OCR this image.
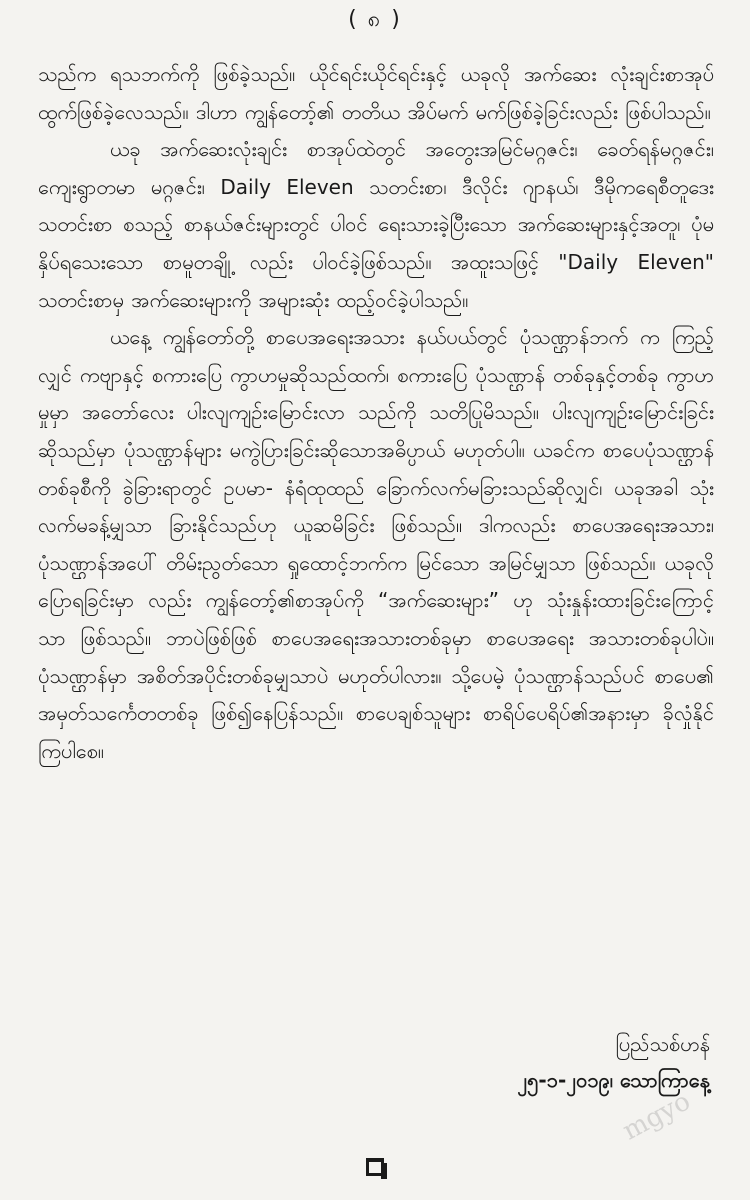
( ၈ )

သည်က ရသဘက်ကို ဖြစ်ခဲ့သည်။ ယိုင်ရင်းယိုင်ရင်းနှင့် ယခုလို အက်ဆေး လုံးချင်းစာအုပ် ထွက်ဖြစ်ခဲ့လေသည်။ ဒါဟာ ကျွန်တော့်၏ တတိယ အိပ်မက် မက်ဖြစ်ခဲ့ခြင်းလည်း ဖြစ်ပါသည်။

ယခု အက်ဆေးလုံးချင်း စာအုပ်ထဲတွင် အတွေးအမြင်မဂ္ဂဇင်း၊ ခေတ်ရန်မဂ္ဂဇင်း၊ ကျေးရွာတမာ မဂ္ဂဇင်း၊ Daily Eleven သတင်းစာ၊ ဒီလိုင်း ဂျာနယ်၊ ဒီမိုကရေစီတူဒေးသတင်းစာ စသည့် စာနယ်ဇင်းများတွင် ပါဝင် ရေးသားခဲ့ပြီးသော အက်ဆေးများနှင့်အတူ၊ ပုံမနှိပ်ရသေးသော စာမူတချို့ လည်း ပါဝင်ခဲ့ဖြစ်သည်။ အထူးသဖြင့် "Daily Eleven" သတင်းစာမှ အက်ဆေးများကို အများဆုံး ထည့်ဝင်ခဲ့ပါသည်။

ယနေ့ ကျွန်တော်တို့ စာပေအရေးအသား နယ်ပယ်တွင် ပုံသဏ္ဌာန်ဘက် က ကြည့်လျှင် ကဗျာနှင့် စကားပြေ ကွာဟမှုဆိုသည်ထက်၊ စကားပြေ ပုံသဏ္ဌာန် တစ်ခုနှင့်တစ်ခု ကွာဟမှုမှာ အတော်လေး ပါးလျကျဉ်းမြောင်းလာ သည်ကို သတိပြုမိသည်။ ပါးလျကျဉ်းမြောင်းခြင်းဆိုသည်မှာ ပုံသဏ္ဌာန်များ မကွဲပြားခြင်းဆိုသောအဓိပ္ပာယ် မဟုတ်ပါ။ ယခင်က စာပေပုံသဏ္ဌာန် တစ်ခုစီကို ခွဲခြားရာတွင် ဥပမာ- နံရံထုထည် ခြောက်လက်မခြားသည်ဆိုလျှင်၊ ယခုအခါ သုံးလက်မခန့်မျှသာ ခြားနိုင်သည်ဟု ယူဆမိခြင်း ဖြစ်သည်။ ဒါကလည်း စာပေအရေးအသား၊ ပုံသဏ္ဌာန်အပေါ် တိမ်းညွတ်သော ရှုထောင့်ဘက်က မြင်သော အမြင်မျှသာ ဖြစ်သည်။ ယခုလို ပြောရခြင်းမှာ လည်း ကျွန်တော့်၏စာအုပ်ကို “အက်ဆေးများ” ဟု သုံးနှုန်းထားခြင်းကြောင့် သာ ဖြစ်သည်။ ဘာပဲဖြစ်ဖြစ် စာပေအရေးအသားတစ်ခုမှာ စာပေအရေး အသားတစ်ခုပါပဲ။ ပုံသဏ္ဌာန်မှာ အစိတ်အပိုင်းတစ်ခုမျှသာပဲ မဟုတ်ပါလား။ သို့ပေမဲ့ ပုံသဏ္ဌာန်သည်ပင် စာပေ၏ အမှတ်သင်္ကေတတစ်ခု ဖြစ်၍နေပြန်သည်။ စာပေချစ်သူများ စာရိပ်ပေရိပ်၏အနားမှာ ခိုလှုံနိုင်ကြပါစေ။

ပြည်သစ်ဟန်
၂၅-၁-၂၀၁၉၊ သောကြာနေ့
mgyo
